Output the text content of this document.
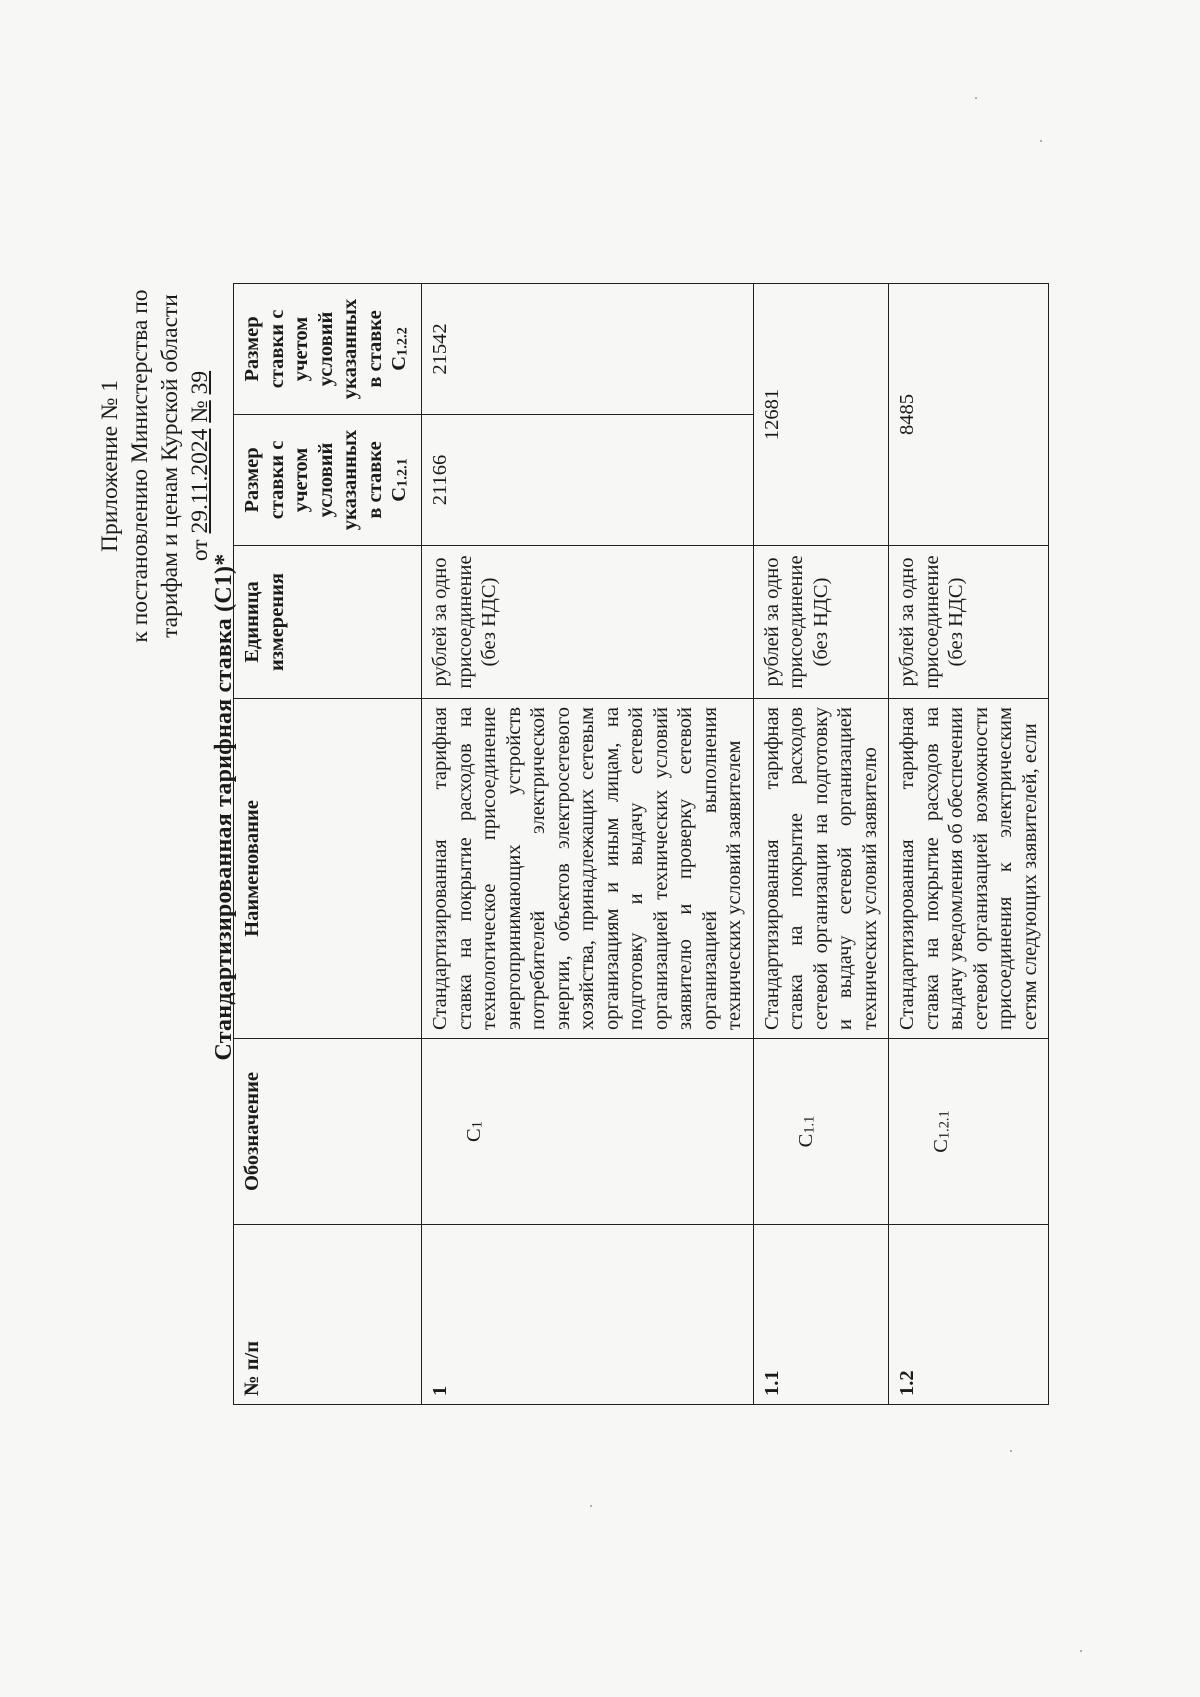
Приложение № 1 к постановлению Министерства по тарифам и ценам Курской области от 29.11.2024 № 39
Стандартизированная тарифная ставка (С1)*
№ п/п	Обозначение	Наименование	Единица измерения	Размер ставки с учетом условий указанных в ставке $С_{1.2.1}$	Размер ставки с учетом условий указанных в ставке $С_{1.2.2}$
1	$С_1$	Стандартизированная тарифная ставка на покрытие расходов на технологическое присоединение энергопринимающих устройств потребителей электрической энергии, объектов электросетевого хозяйства, принадлежащих сетевым организациям и иным лицам, на подготовку и выдачу сетевой организацией технических условий заявителю и проверку сетевой организацией выполнения технических условий заявителем	рублей за одно присоединение (без НДС)	21166	21542
1.1	$С_{1.1}$	Стандартизированная тарифная ставка на покрытие расходов сетевой организации на подготовку и выдачу сетевой организацией технических условий заявителю	рублей за одно присоединение (без НДС)	12681	
1.2	$С_{1.2.1}$	Стандартизированная тарифная ставка на покрытие расходов на выдачу уведомления об обеспечении сетевой организацией возможности присоединения к электрическим сетям следующих заявителей, если	рублей за одно присоединение (без НДС)	8485	
